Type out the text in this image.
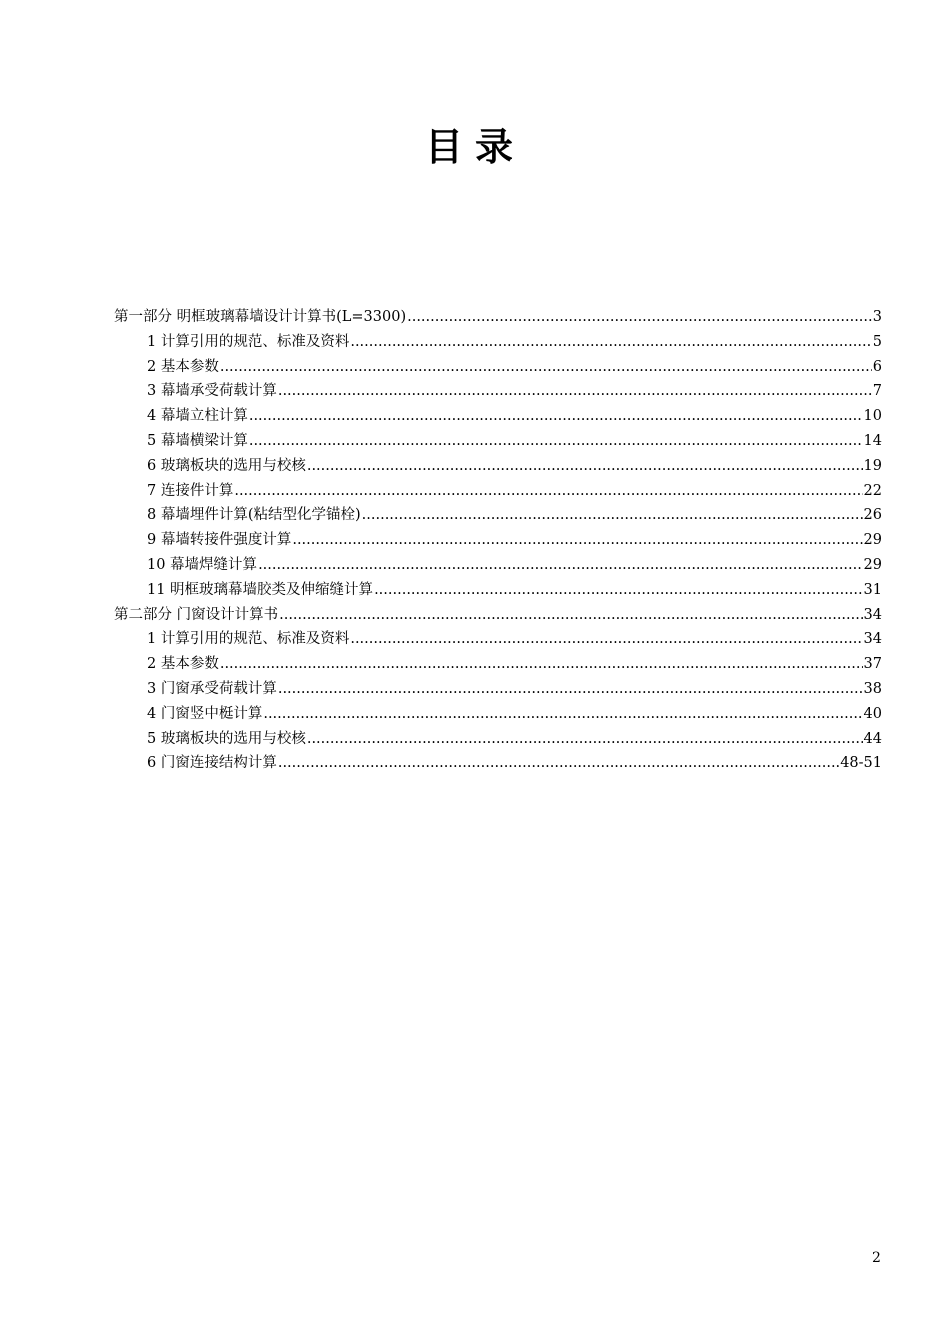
目录
第一部分 明框玻璃幕墙设计计算书(L=3300) .....	3
1 计算引用的规范、标准及资料 .....	5
2 基本参数 .....	6
3 幕墙承受荷载计算 .....	7
4 幕墙立柱计算 .....	10
5 幕墙横梁计算 .....	14
6 玻璃板块的选用与校核 .....	19
7 连接件计算 .....	22
8 幕墙埋件计算(粘结型化学锚栓) .....	26
9 幕墙转接件强度计算 .....	29
10 幕墙焊缝计算 .....	29
11 明框玻璃幕墙胶类及伸缩缝计算 .....	31
第二部分 门窗设计计算书 .....	34
1 计算引用的规范、标准及资料 .....	34
2 基本参数 .....	37
3 门窗承受荷载计算 .....	38
4 门窗竖中梃计算 .....	40
5 玻璃板块的选用与校核 .....	44
6 门窗连接结构计算 .....	48-51
2
